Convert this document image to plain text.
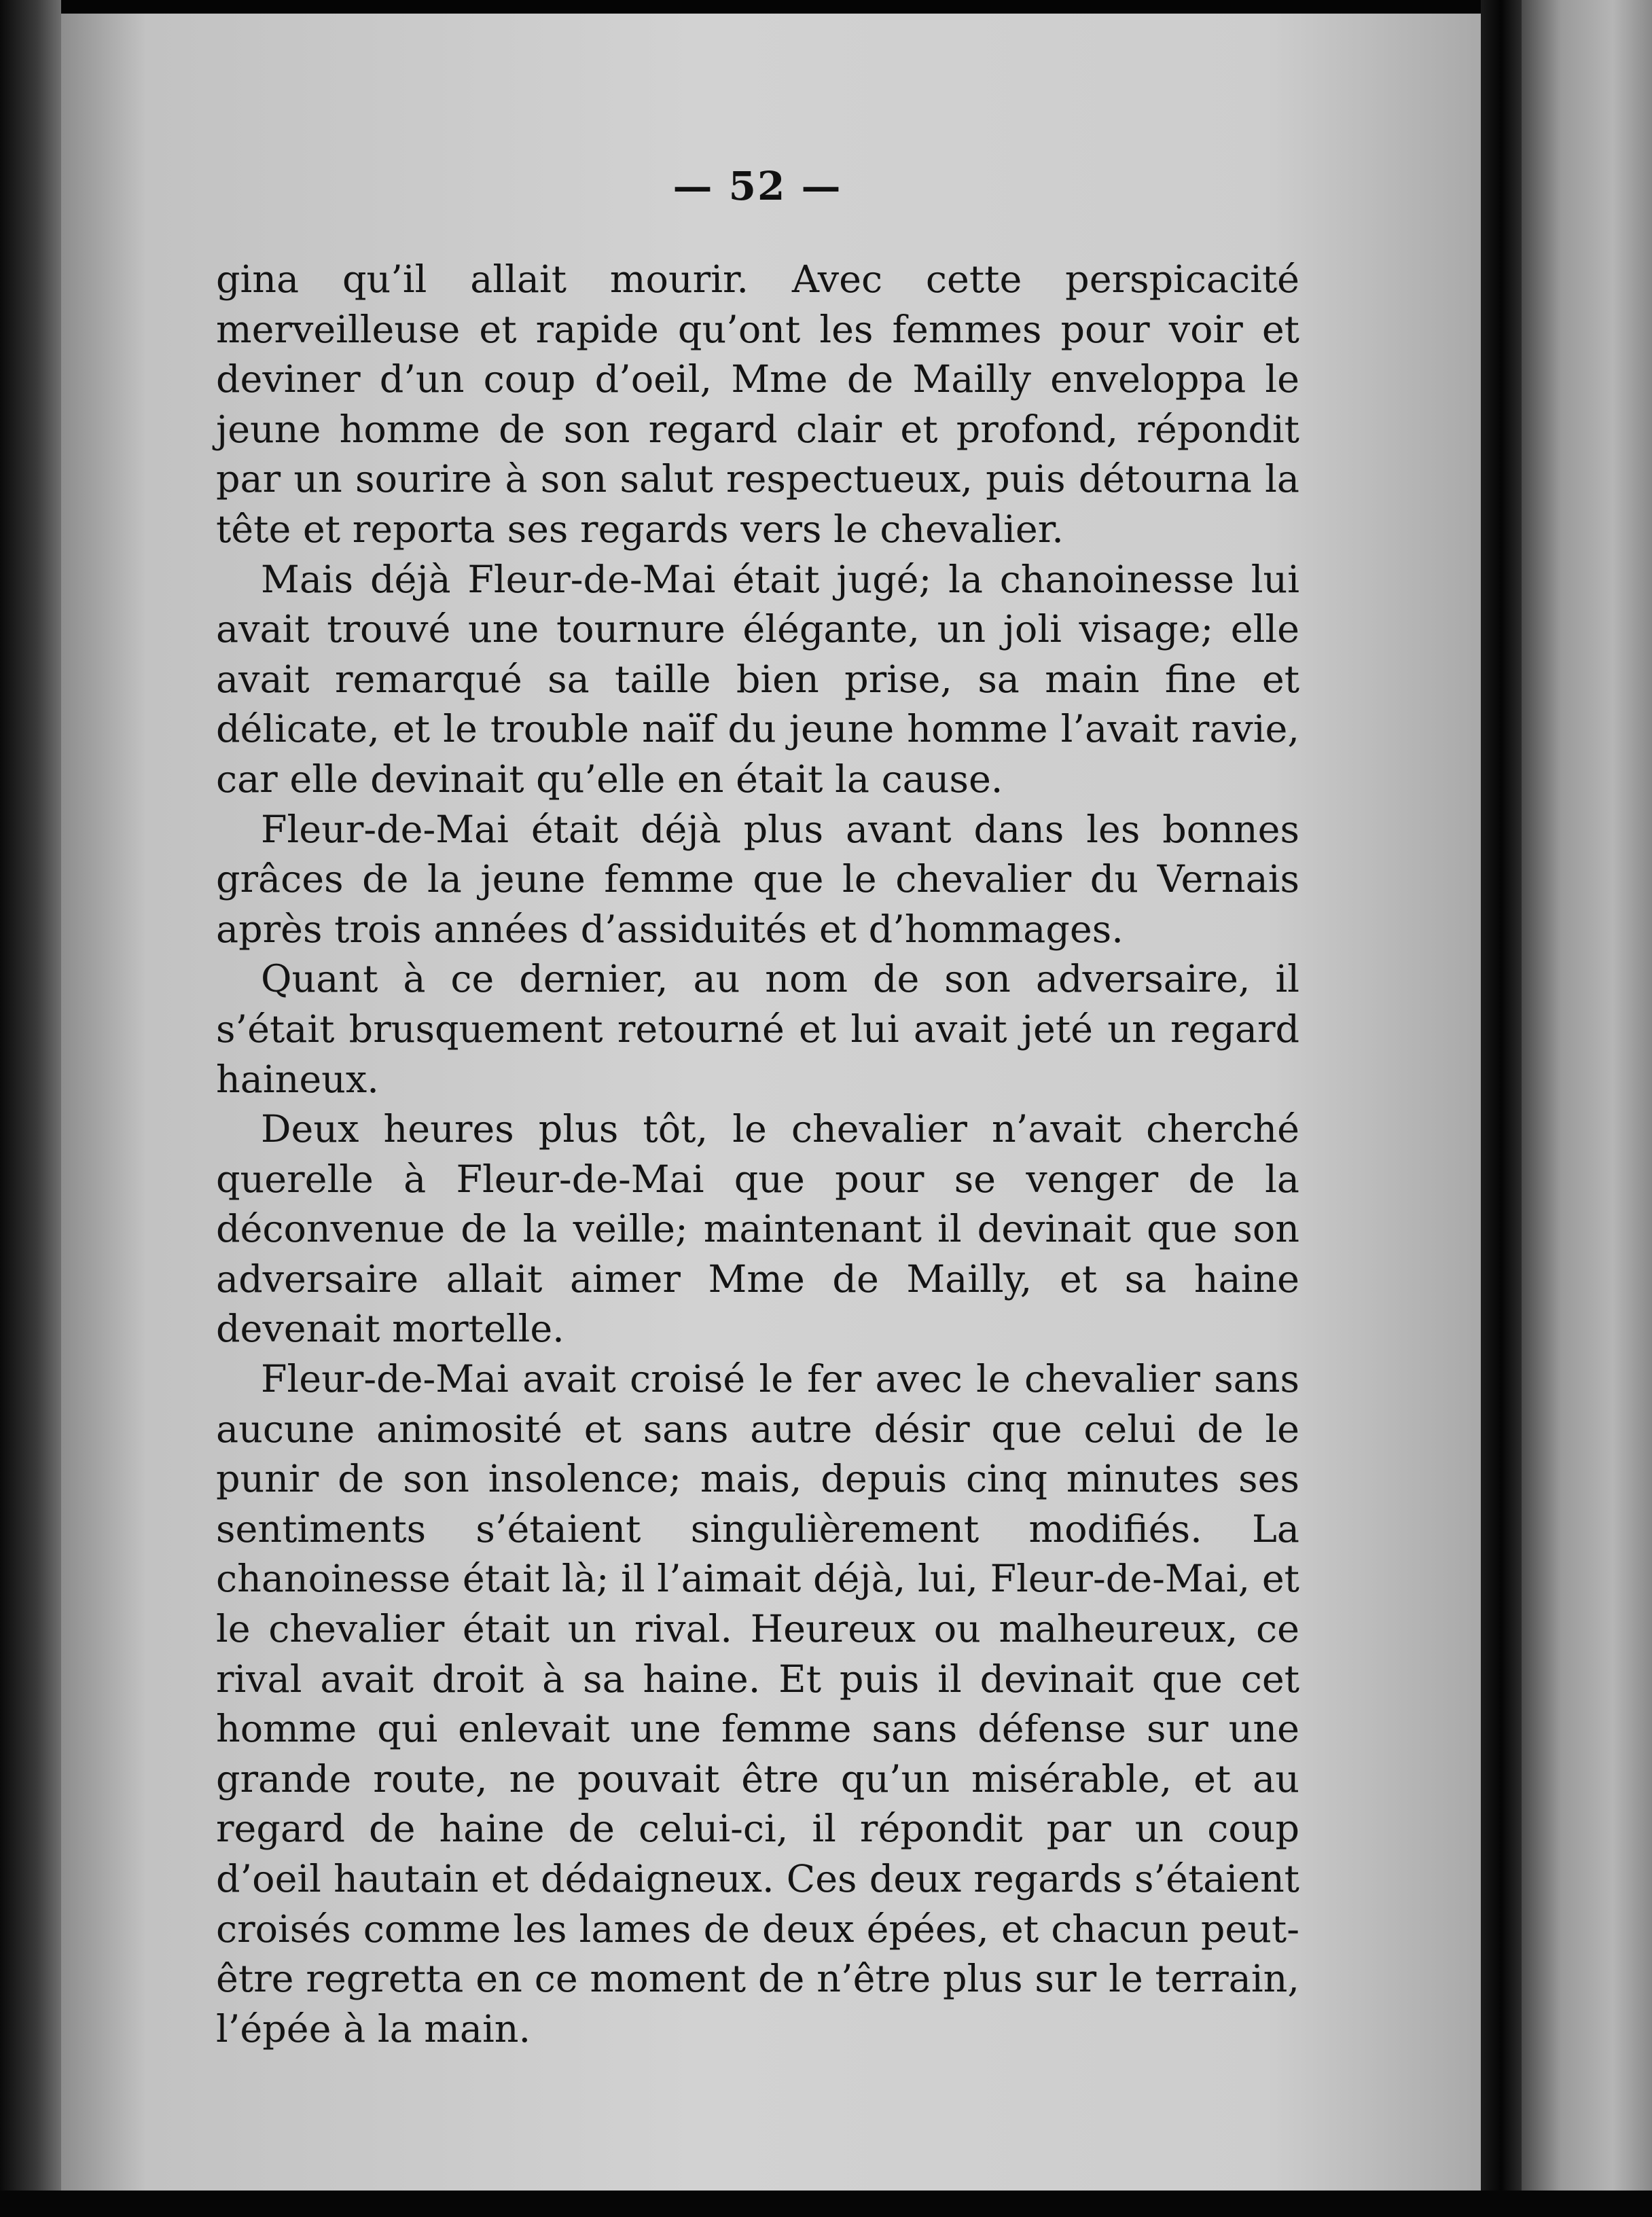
— 52 —

gina qu’il allait mourir. Avec cette perspicacité merveilleuse et rapide qu’ont les femmes pour voir et deviner d’un coup d’oeil, Mme de Mailly enveloppa le jeune homme de son regard clair et profond, répondit par un sourire à son salut respectueux, puis détourna la tête et reporta ses regards vers le chevalier.

Mais déjà Fleur-de-Mai était jugé; la chanoinesse lui avait trouvé une tournure élégante, un joli visage; elle avait remarqué sa taille bien prise, sa main fine et délicate, et le trouble naïf du jeune homme l’avait ravie, car elle devinait qu’elle en était la cause.

Fleur-de-Mai était déjà plus avant dans les bonnes grâces de la jeune femme que le chevalier du Vernais après trois années d’assiduités et d’hommages.

Quant à ce dernier, au nom de son adversaire, il s’était brusquement retourné et lui avait jeté un regard haineux.

Deux heures plus tôt, le chevalier n’avait cherché querelle à Fleur-de-Mai que pour se venger de la déconvenue de la veille; maintenant il devinait que son adversaire allait aimer Mme de Mailly, et sa haine devenait mortelle.

Fleur-de-Mai avait croisé le fer avec le chevalier sans aucune animosité et sans autre désir que celui de le punir de son insolence; mais, depuis cinq minutes ses sentiments s’étaient singulièrement modifiés. La chanoinesse était là; il l’aimait déjà, lui, Fleur-de-Mai, et le chevalier était un rival. Heureux ou malheureux, ce rival avait droit à sa haine. Et puis il devinait que cet homme qui enlevait une femme sans défense sur une grande route, ne pouvait être qu’un misérable, et au regard de haine de celui-ci, il répondit par un coup d’oeil hautain et dédaigneux. Ces deux regards s’étaient croisés comme les lames de deux épées, et chacun peut-être regretta en ce moment de n’être plus sur le terrain, l’épée à la main.
